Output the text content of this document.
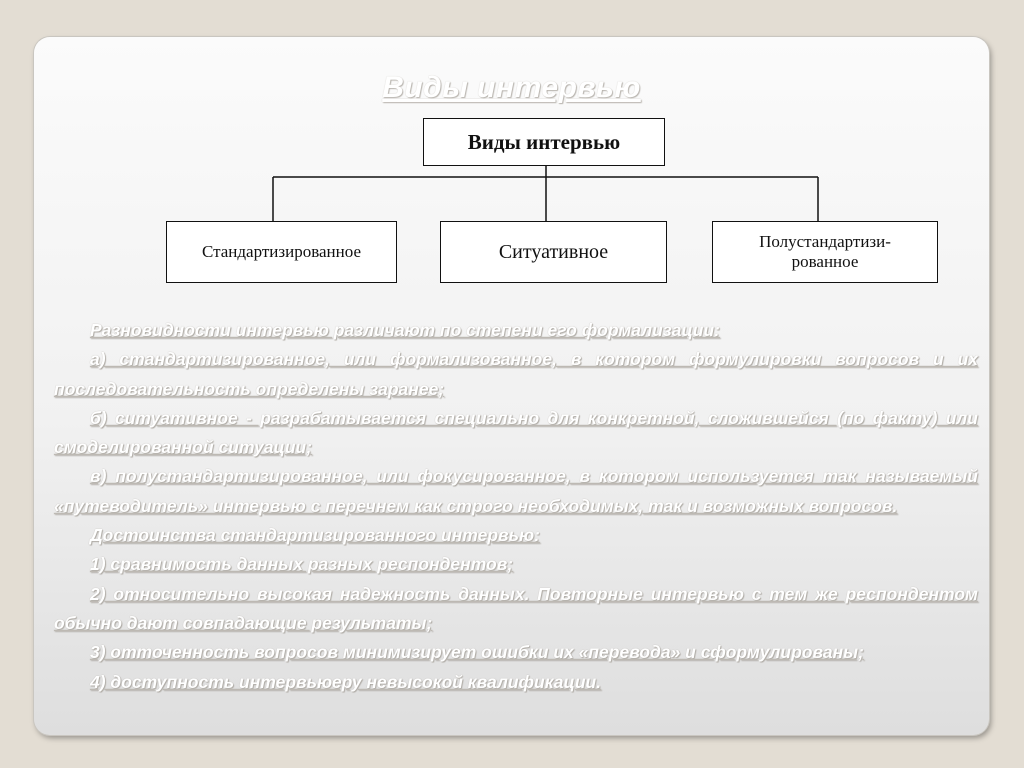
Виды интервью
Виды интервью
Стандартизированное	Ситуативное	Полустандартизи-
рованное

Разновидности интервью различают по степени его формализации:

а) стандартизированное, или формализованное, в котором формулировки вопросов и их последовательность определены заранее;

б) ситуативное - разрабатывается специально для конкретной, сложившейся (по факту) или смоделированной ситуации;

в) полустандартизированное, или фокусированное, в котором используется так называемый «путеводитель» интервью с перечнем как строго необходимых, так и возможных вопросов.

Достоинства стандартизированного интервью:

1) сравнимость данных разных респондентов;

2) относительно высокая надежность данных. Повторные интервью с тем же респондентом обычно дают совпадающие результаты;

3) отточенность вопросов минимизирует ошибки их «перевода» и сформулированы;

4) доступность интервьюеру невысокой квалификации.
